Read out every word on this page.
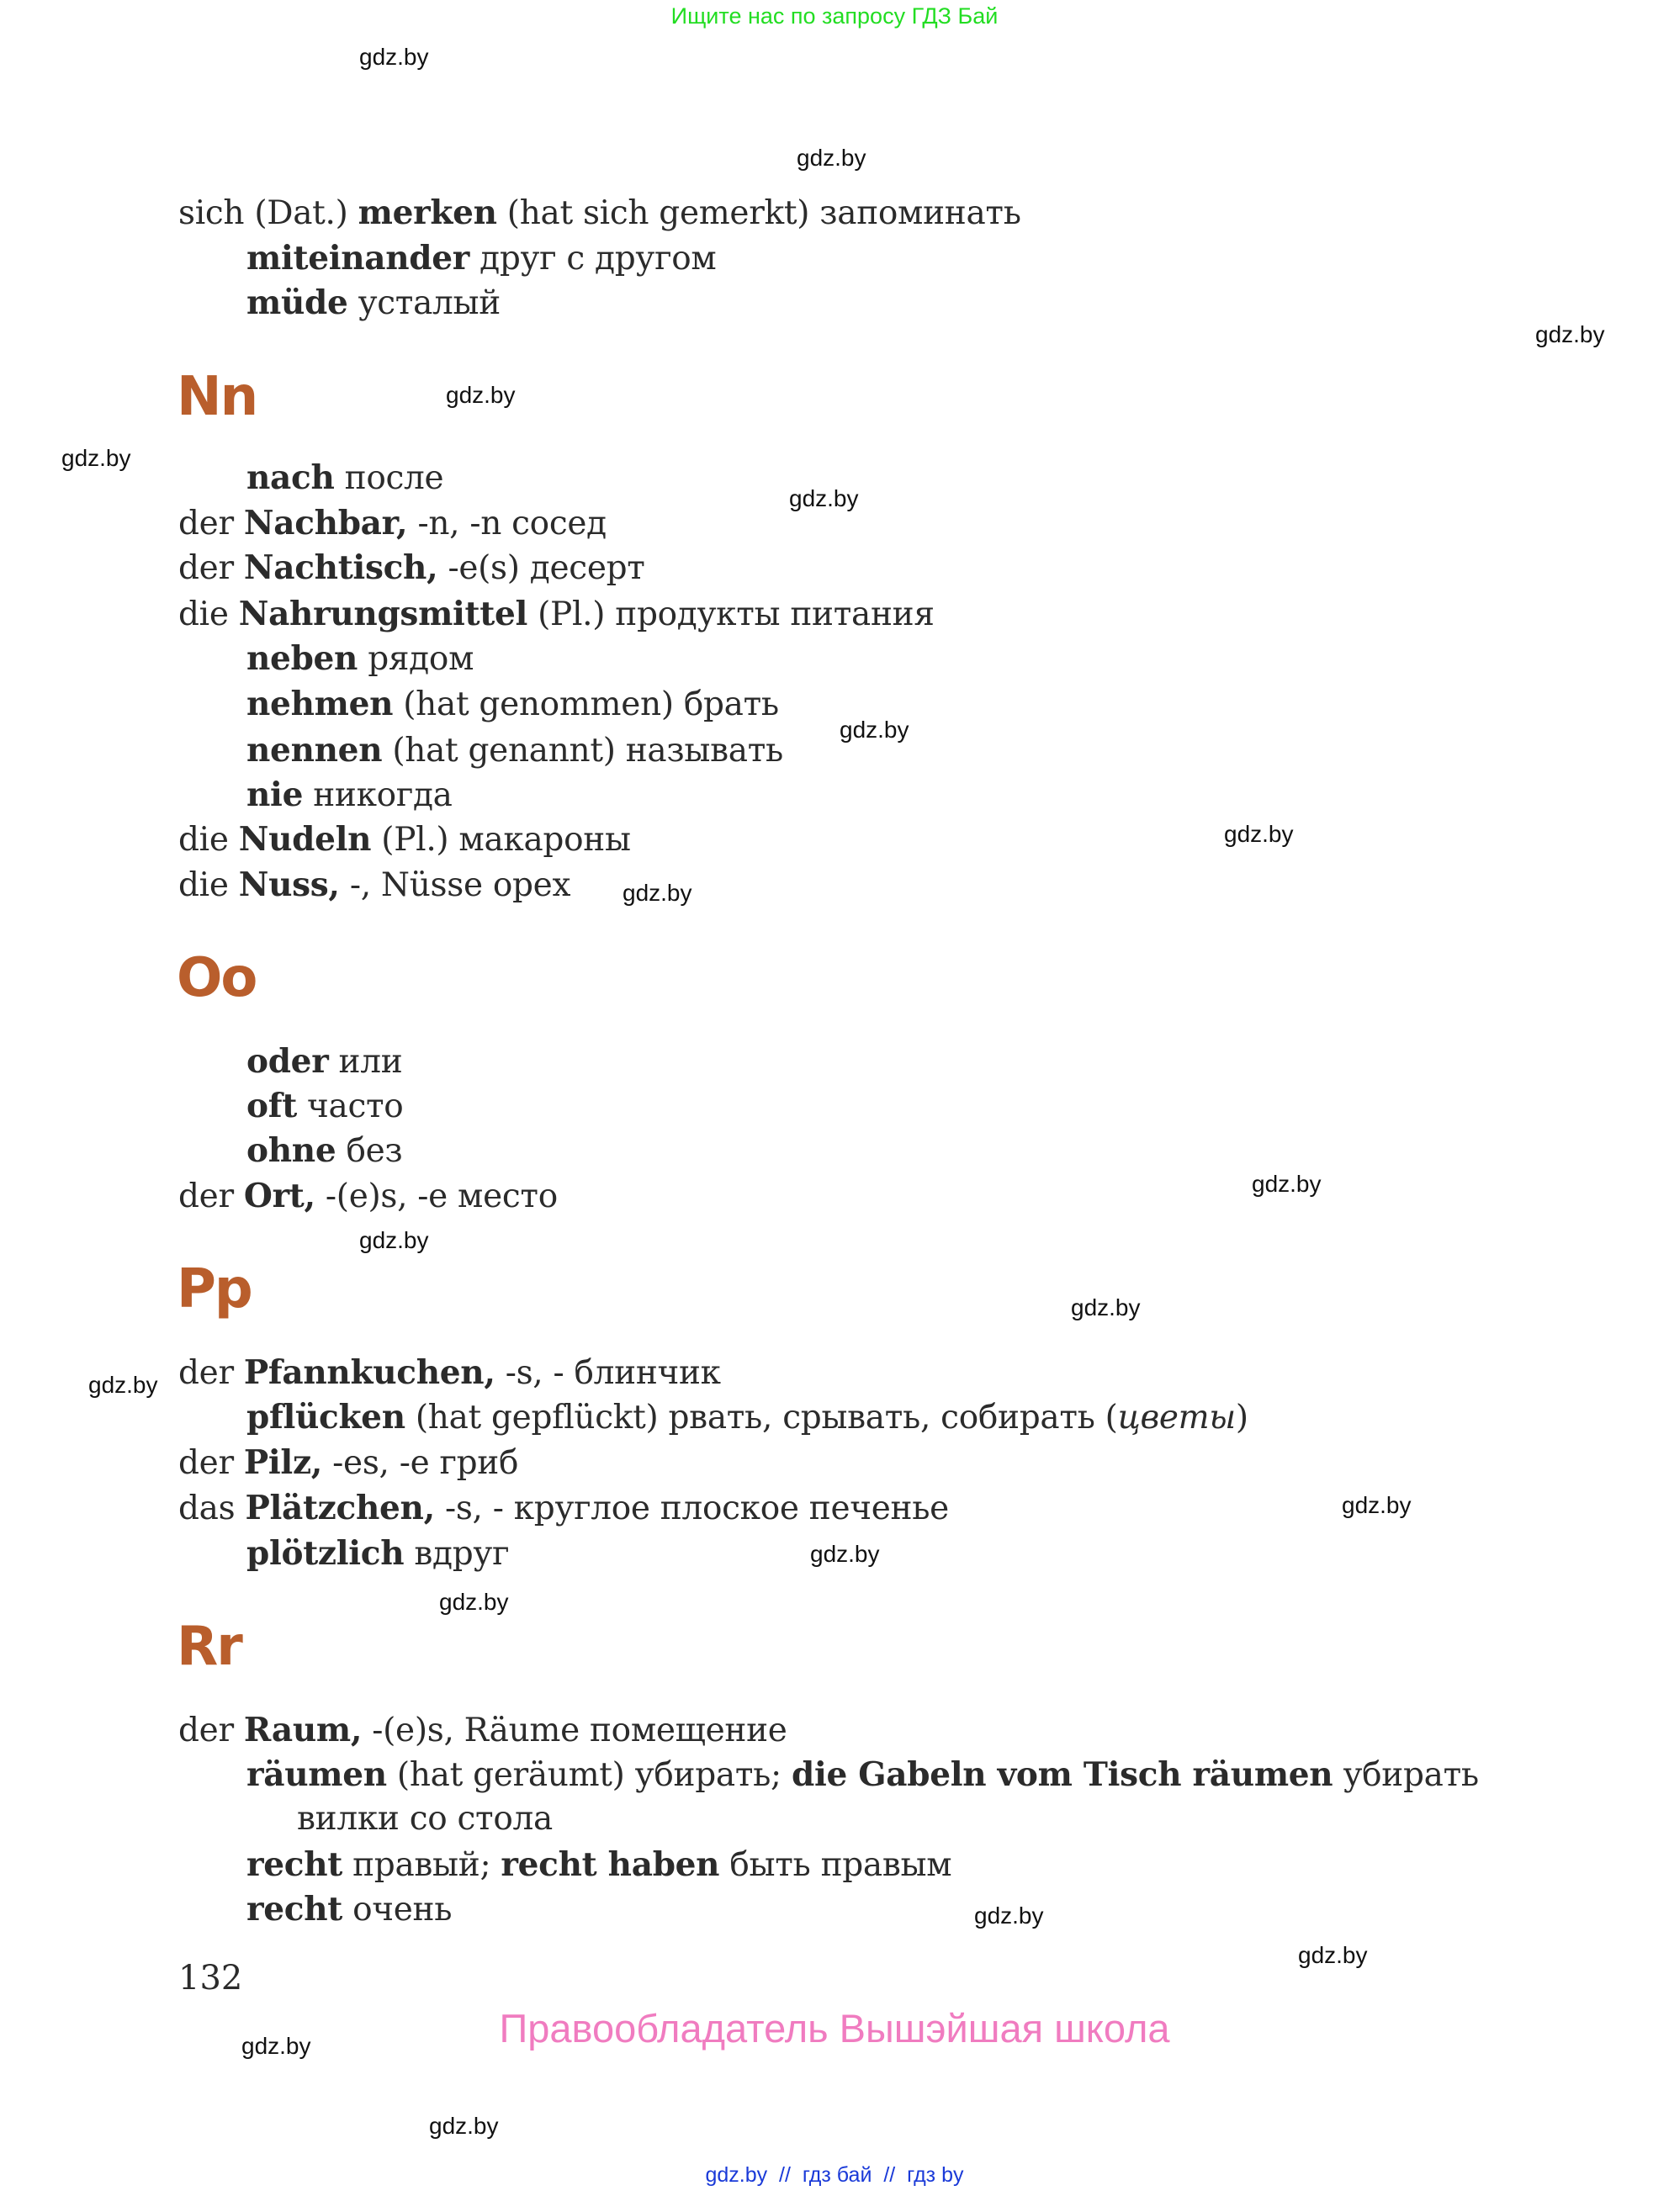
Ищите нас по запросу ГДЗ Бай
gdz.by
gdz.by
gdz.by
gdz.by
gdz.by
gdz.by
gdz.by
gdz.by
gdz.by
gdz.by
gdz.by
gdz.by
gdz.by
gdz.by
gdz.by
gdz.by
gdz.by
gdz.by
gdz.by
gdz.by
Nn
Oo
Pp
Rr
sich (Dat.) merken (hat sich gemerkt) запоминать
miteinander друг с другом
müde усталый
nach после
der Nachbar, -n, -n сосед
der Nachtisch, -e(s) десерт
die Nahrungsmittel (Pl.) продукты питания
neben рядом
nehmen (hat genommen) брать
nennen (hat genannt) называть
nie никогда
die Nudeln (Pl.) макароны
die Nuss, -, Nüsse орех
oder или
oft часто
ohne без
der Ort, -(e)s, -e место
der Pfannkuchen, -s, - блинчик
pflücken (hat gepflückt) рвать, срывать, собирать (цветы)
der Pilz, -es, -e гриб
das Plätzchen, -s, - круглое плоское печенье
plötzlich вдруг
der Raum, -(e)s, Räume помещение
räumen (hat geräumt) убирать; die Gabeln vom Tisch räumen убирать
вилки со стола
recht правый; recht haben быть правым
recht очень
132
Правообладатель Вышэйшая школа
gdz.by  //  гдз бай  //  гдз by
